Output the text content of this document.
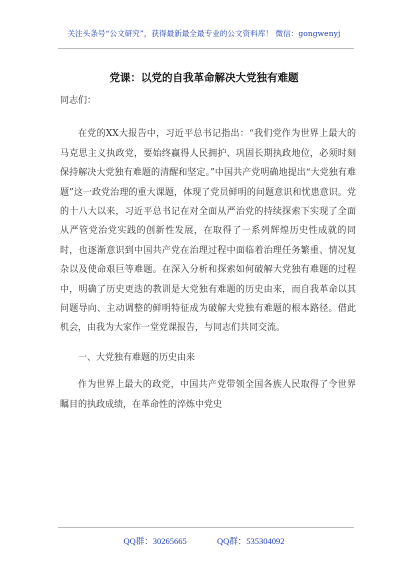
关注头条号“公文研究”，获得最新最全最专业的公文资料库！ 微信：gongwenyj
党课：以党的自我革命解决大党独有难题

同志们：

在党的XX大报告中，习近平总书记指出：“我们党作为世界上最大的马克思主义执政党，要始终赢得人民拥护、巩固长期执政地位，必须时刻保持解决大党独有难题的清醒和坚定。”中国共产党明确地提出“大党独有难题”这一政党治理的重大课题，体现了党员鲜明的问题意识和忧患意识。党的十八大以来，习近平总书记在对全面从严治党的持续探索下实现了全面从严管党治党实践的创新性发展，在取得了一系列辉煌历史性成就的同时，也逐渐意识到中国共产党在治理过程中面临着治理任务繁重、情况复杂以及使命艰巨等难题。在深入分析和探索如何破解大党独有难题的过程中，明确了历史更迭的教训是大党独有难题的历史由来，而自我革命以其问题导向、主动调整的鲜明特征成为破解大党独有难题的根本路径。借此机会，由我为大家作一堂党课报告，与同志们共同交流。

一、大党独有难题的历史由来

作为世界上最大的政党，中国共产党带领全国各族人民取得了令世界瞩目的执政成绩，在革命性的淬炼中党史

QQ群：30265665	QQ群：535304092
